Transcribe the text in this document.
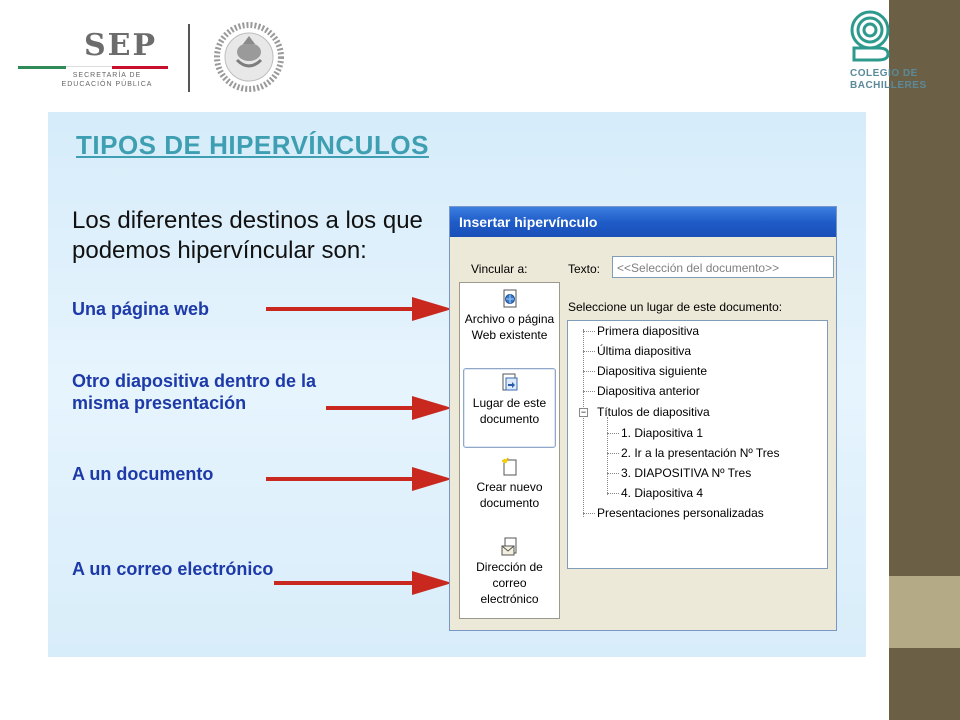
SEP
SECRETARÍA DE
EDUCACIÓN PÚBLICA
COLEGIO DE
BACHILLERES
TIPOS DE HIPERVÍNCULOS
Los diferentes destinos a los que podemos hipervíncular son:
Una página web
Otro diapositiva dentro de la misma presentación
A un documento
A un correo electrónico
Insertar hipervínculo
Vincular a:	Texto:	<<Selección del documento>>
Seleccione un lugar de este documento:
Archivo o página Web existente
Lugar de este documento
Crear nuevo documento
Dirección de correo electrónico
Primera diapositiva
Última diapositiva
Diapositiva siguiente
Diapositiva anterior
− Títulos de diapositiva
1. Diapositiva 1
2. Ir a la presentación Nº Tres
3. DIAPOSITIVA Nº Tres
4. Diapositiva 4
Presentaciones personalizadas
